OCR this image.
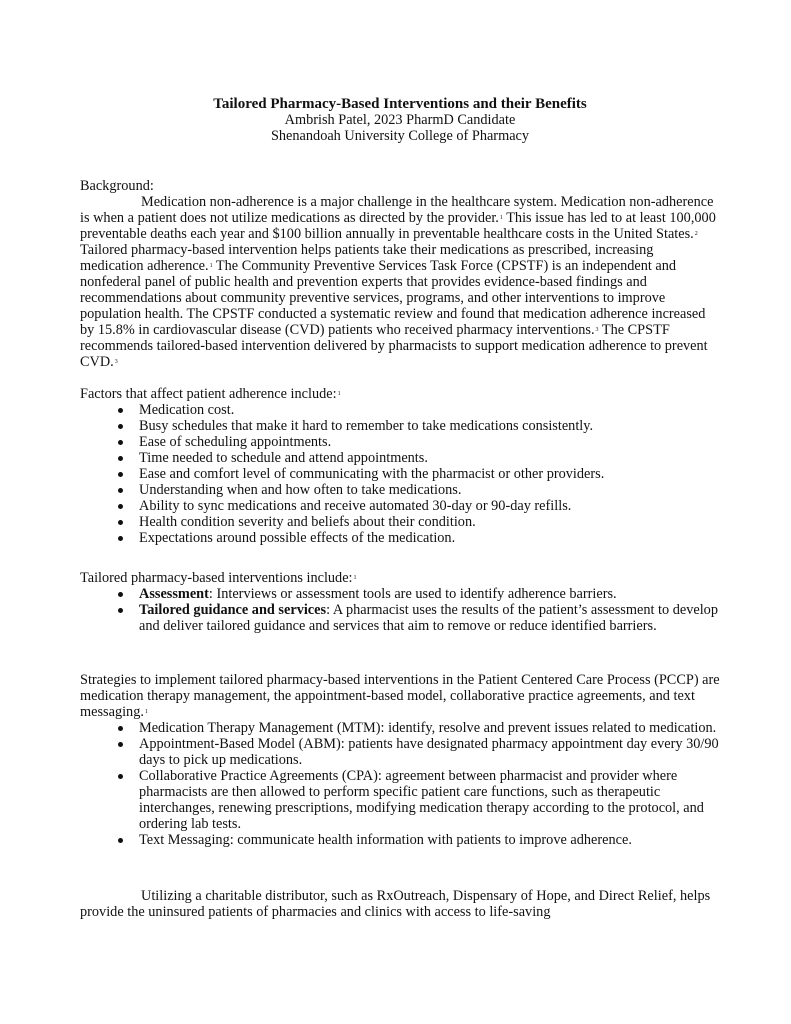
Tailored Pharmacy-Based Interventions and their Benefits
Ambrish Patel, 2023 PharmD Candidate
Shenandoah University College of Pharmacy
Background:

Medication non-adherence is a major challenge in the healthcare system. Medication non-adherence is when a patient does not utilize medications as directed by the provider.$^1$ This issue has led to at least 100,000 preventable deaths each year and $100 billion annually in preventable healthcare costs in the United States.$^2$ Tailored pharmacy-based intervention helps patients take their medications as prescribed, increasing medication adherence.$^1$ The Community Preventive Services Task Force (CPSTF) is an independent and nonfederal panel of public health and prevention experts that provides evidence-based findings and recommendations about community preventive services, programs, and other interventions to improve population health. The CPSTF conducted a systematic review and found that medication adherence increased by 15.8% in cardiovascular disease (CVD) patients who received pharmacy interventions.$^3$ The CPSTF recommends tailored-based intervention delivered by pharmacists to support medication adherence to prevent CVD.$^3$

Factors that affect patient adherence include:$^1$
Medication cost.
Busy schedules that make it hard to remember to take medications consistently.
Ease of scheduling appointments.
Time needed to schedule and attend appointments.
Ease and comfort level of communicating with the pharmacist or other providers.
Understanding when and how often to take medications.
Ability to sync medications and receive automated 30-day or 90-day refills.
Health condition severity and beliefs about their condition.
Expectations around possible effects of the medication.
Tailored pharmacy-based interventions include:$^1$
Assessment: Interviews or assessment tools are used to identify adherence barriers.
Tailored guidance and services: A pharmacist uses the results of the patient’s assessment to develop and deliver tailored guidance and services that aim to remove or reduce identified barriers.

Strategies to implement tailored pharmacy-based interventions in the Patient Centered Care Process (PCCP) are medication therapy management, the appointment-based model, collaborative practice agreements, and text messaging.$^1$

Medication Therapy Management (MTM): identify, resolve and prevent issues related to medication.
Appointment-Based Model (ABM): patients have designated pharmacy appointment day every 30/90 days to pick up medications.
Collaborative Practice Agreements (CPA): agreement between pharmacist and provider where pharmacists are then allowed to perform specific patient care functions, such as therapeutic interchanges, renewing prescriptions, modifying medication therapy according to the protocol, and ordering lab tests.
Text Messaging: communicate health information with patients to improve adherence.

Utilizing a charitable distributor, such as RxOutreach, Dispensary of Hope, and Direct Relief, helps provide the uninsured patients of pharmacies and clinics with access to life-saving
